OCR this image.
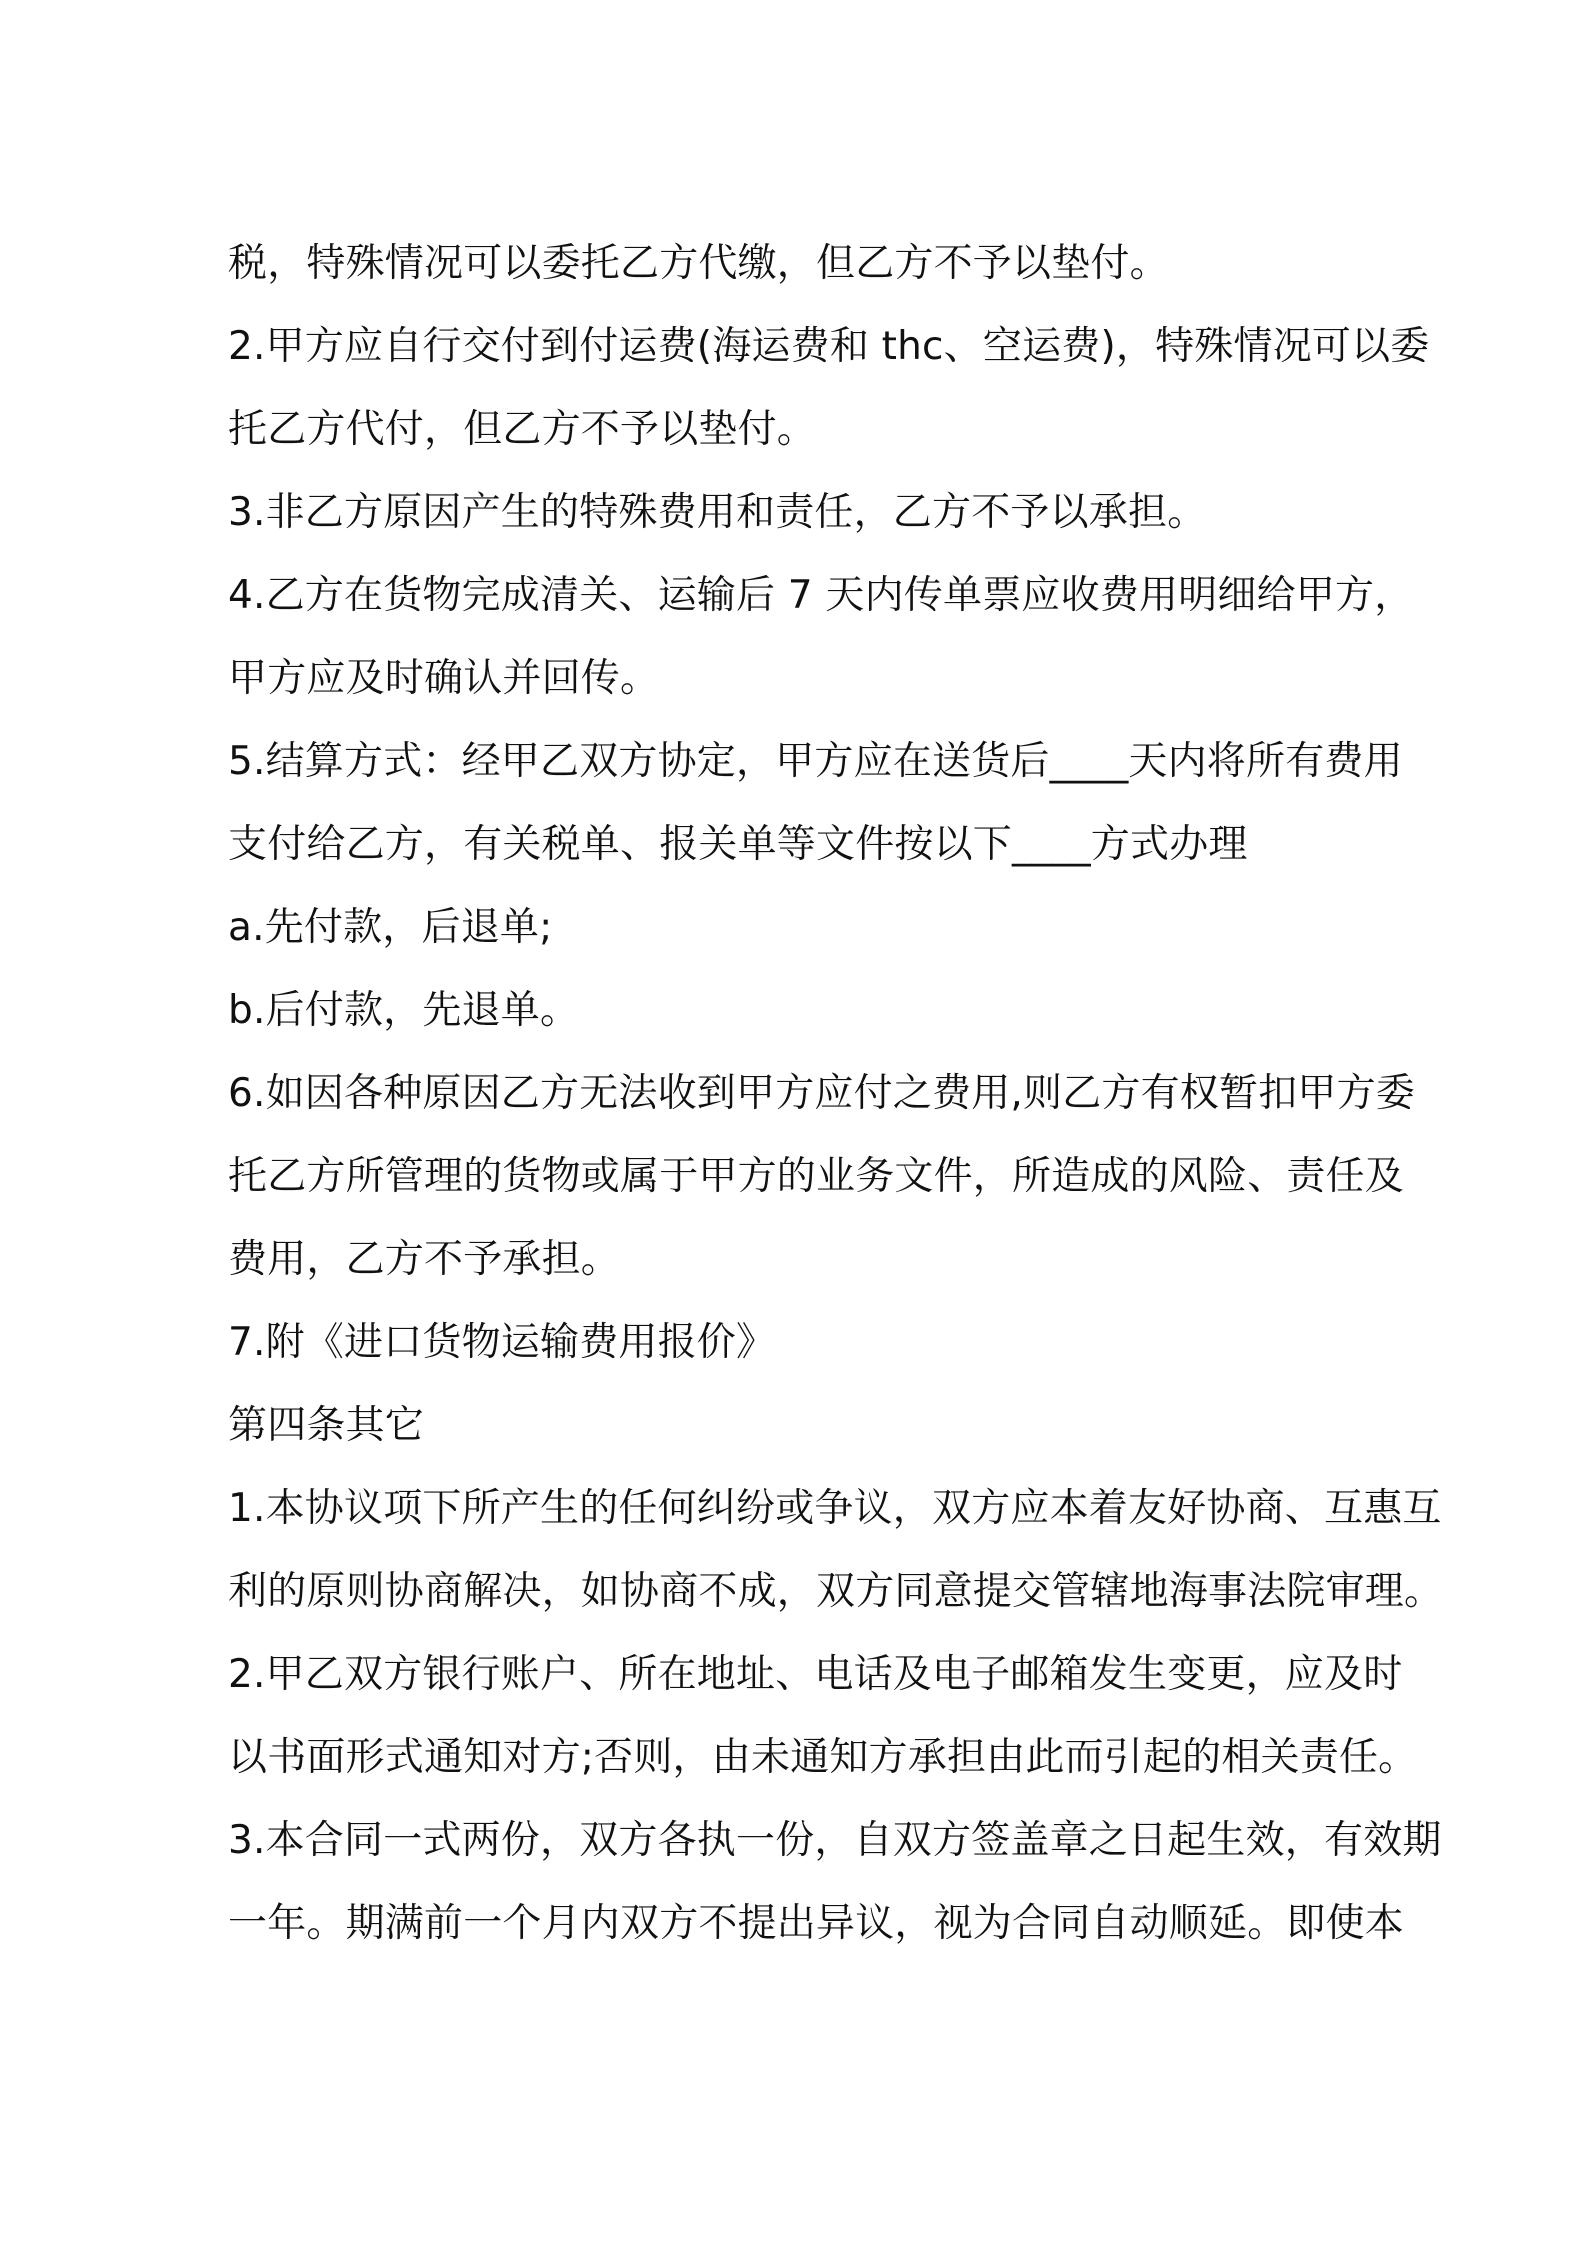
税，特殊情况可以委托乙方代缴，但乙方不予以垫付。
2.甲方应自行交付到付运费(海运费和 thc、空运费)，特殊情况可以委
托乙方代付，但乙方不予以垫付。
3.非乙方原因产生的特殊费用和责任，乙方不予以承担。
4.乙方在货物完成清关、运输后 7 天内传单票应收费用明细给甲方，
甲方应及时确认并回传。
5.结算方式：经甲乙双方协定，甲方应在送货后____天内将所有费用
支付给乙方，有关税单、报关单等文件按以下____方式办理
a.先付款，后退单;
b.后付款，先退单。
6.如因各种原因乙方无法收到甲方应付之费用,则乙方有权暂扣甲方委
托乙方所管理的货物或属于甲方的业务文件，所造成的风险、责任及
费用，乙方不予承担。
7.附《进口货物运输费用报价》
第四条其它
1.本协议项下所产生的任何纠纷或争议，双方应本着友好协商、互惠互
利的原则协商解决，如协商不成，双方同意提交管辖地海事法院审理。
2.甲乙双方银行账户、所在地址、电话及电子邮箱发生变更，应及时
以书面形式通知对方;否则，由未通知方承担由此而引起的相关责任。
3.本合同一式两份，双方各执一份，自双方签盖章之日起生效，有效期
一年。期满前一个月内双方不提出异议，视为合同自动顺延。即使本
